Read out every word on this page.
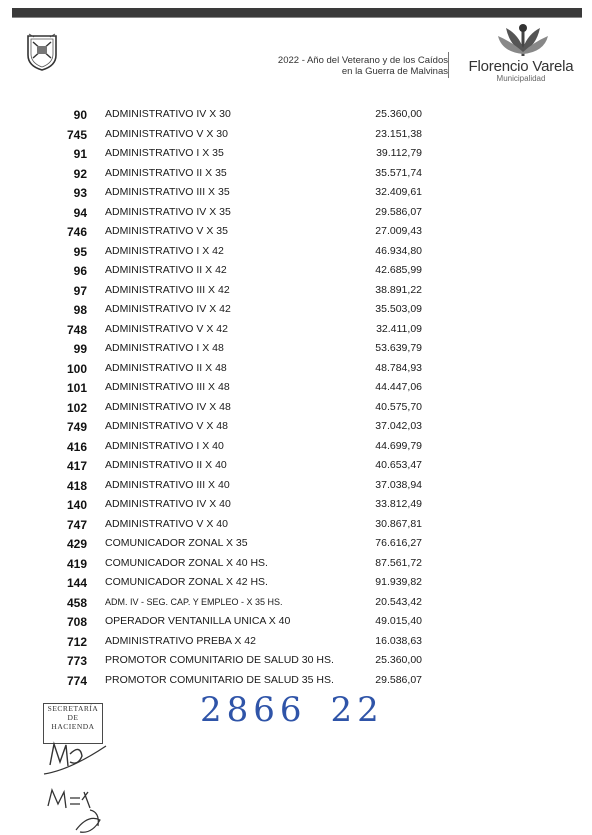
2022 - Año del Veterano y de los Caídos
en la Guerra de Malvinas	Florencio Varela
Municipalidad
90 ADMINISTRATIVO IV X 30	25.360,00
745 ADMINISTRATIVO V X 30	23.151,38
91 ADMINISTRATIVO I X 35	39.112,79
92 ADMINISTRATIVO II X 35	35.571,74
93 ADMINISTRATIVO III X 35	32.409,61
94 ADMINISTRATIVO IV X 35	29.586,07
746 ADMINISTRATIVO V X 35	27.009,43
95 ADMINISTRATIVO I X 42	46.934,80
96 ADMINISTRATIVO II X 42	42.685,99
97 ADMINISTRATIVO III X 42	38.891,22
98 ADMINISTRATIVO IV X 42	35.503,09
748 ADMINISTRATIVO V X 42	32.411,09
99 ADMINISTRATIVO I X 48	53.639,79
100 ADMINISTRATIVO II X 48	48.784,93
101 ADMINISTRATIVO III X 48	44.447,06
102 ADMINISTRATIVO IV X 48	40.575,70
749 ADMINISTRATIVO V X 48	37.042,03
416 ADMINISTRATIVO I X 40	44.699,79
417 ADMINISTRATIVO II X 40	40.653,47
418 ADMINISTRATIVO III X 40	37.038,94
140 ADMINISTRATIVO IV X 40	33.812,49
747 ADMINISTRATIVO V X 40	30.867,81
429 COMUNICADOR ZONAL X 35	76.616,27
419 COMUNICADOR ZONAL X 40 HS.	87.561,72
144 COMUNICADOR ZONAL X 42 HS.	91.939,82
458 ADM. IV - SEG. CAP. Y EMPLEO - X 35 HS.	20.543,42
708 OPERADOR VENTANILLA UNICA X 40	49.015,40
712 ADMINISTRATIVO PREBA X 42	16.038,63
773 PROMOTOR COMUNITARIO DE SALUD 30 HS.	25.360,00
774 PROMOTOR COMUNITARIO DE SALUD 35 HS.	29.586,07
SECRETARÍA
DE
HACIENDA	2866 22
